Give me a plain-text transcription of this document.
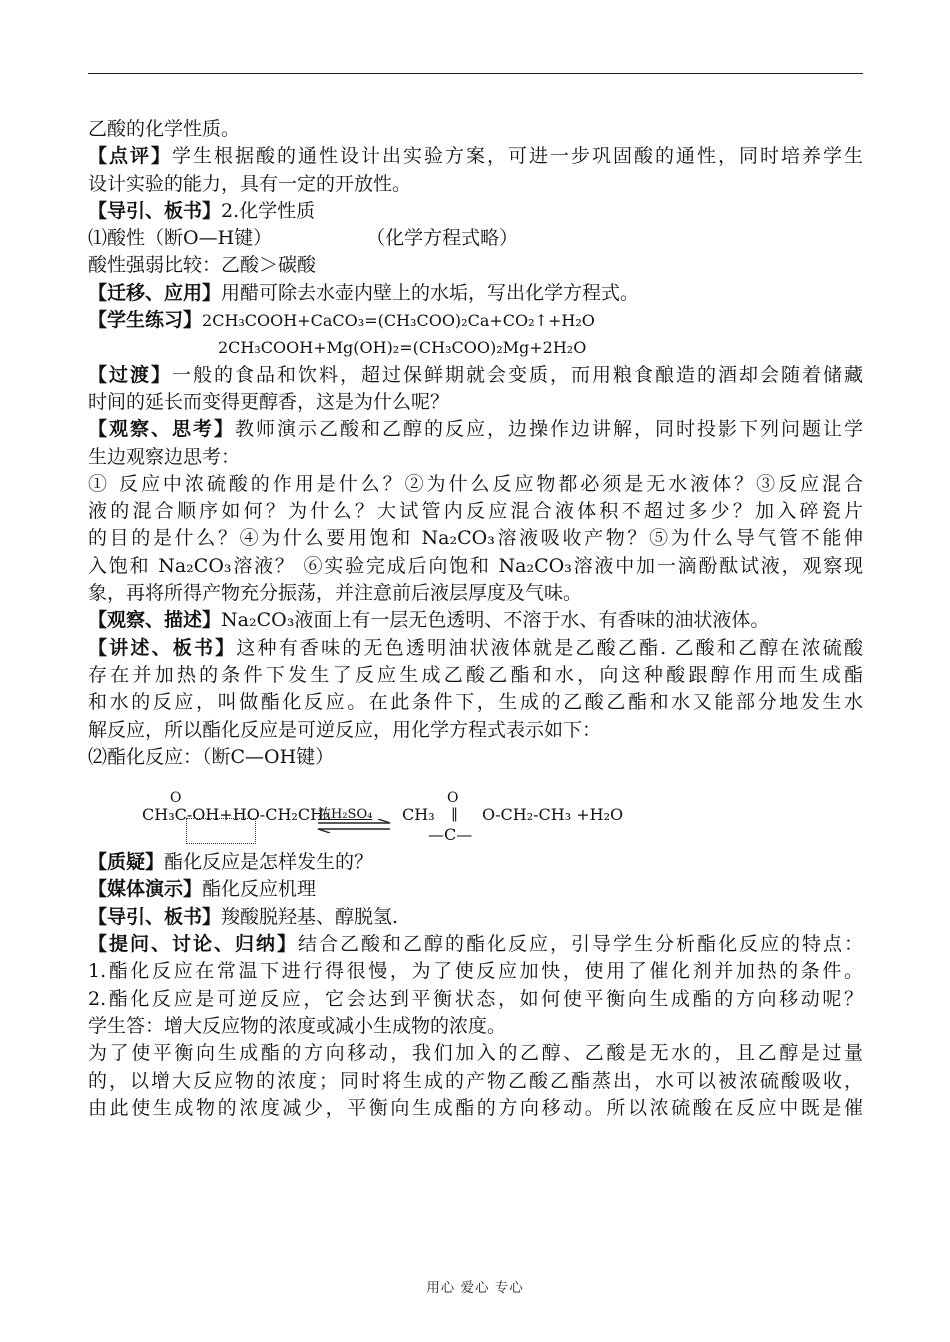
乙酸的化学性质。
【点评】学生根据酸的通性设计出实验方案，可进一步巩固酸的通性，同时培养学生
设计实验的能力，具有一定的开放性。
【导引、板书】2.化学性质
⑴酸性（断O—H键）	（化学方程式略）
酸性强弱比较：乙酸＞碳酸
【迁移、应用】用醋可除去水壶内壁上的水垢，写出化学方程式。
【学生练习】2CH₃COOH+CaCO₃=(CH₃COO)₂Ca+CO₂↑+H₂O
2CH₃COOH+Mg(OH)₂=(CH₃COO)₂Mg+2H₂O
【过渡】一般的食品和饮料，超过保鲜期就会变质，而用粮食酿造的酒却会随着储藏
时间的延长而变得更醇香，这是为什么呢？
【观察、思考】教师演示乙酸和乙醇的反应，边操作边讲解，同时投影下列问题让学
生边观察边思考：
① 反应中浓硫酸的作用是什么？②为什么反应物都必须是无水液体？③反应混合
液的混合顺序如何？为什么？大试管内反应混合液体积不超过多少？加入碎瓷片
的目的是什么？④为什么要用饱和 Na₂CO₃溶液吸收产物？⑤为什么导气管不能伸
入饱和 Na₂CO₃溶液？ ⑥实验完成后向饱和 Na₂CO₃溶液中加一滴酚酞试液，观察现
象，再将所得产物充分振荡，并注意前后液层厚度及气味。
【观察、描述】Na₂CO₃液面上有一层无色透明、不溶于水、有香味的油状液体。
【讲述、板书】这种有香味的无色透明油状液体就是乙酸乙酯. 乙酸和乙醇在浓硫酸
存在并加热的条件下发生了反应生成乙酸乙酯和水，向这种酸跟醇作用而生成酯
和水的反应，叫做酯化反应。在此条件下，生成的乙酸乙酯和水又能部分地发生水
解反应，所以酯化反应是可逆反应，用化学方程式表示如下：
⑵酯化反应：（断C—OH键）
O
CH₃C‑OH+HO‑CH₂CH₃
浓H₂SO₄ CH₃
O
‖
—C—
O‑CH₂‑CH₃ +H₂O
【质疑】酯化反应是怎样发生的？
【媒体演示】酯化反应机理
【导引、板书】羧酸脱羟基、醇脱氢.
【提问、讨论、归纳】结合乙酸和乙醇的酯化反应，引导学生分析酯化反应的特点：
1.酯化反应在常温下进行得很慢，为了使反应加快，使用了催化剂并加热的条件。
2.酯化反应是可逆反应，它会达到平衡状态，如何使平衡向生成酯的方向移动呢？
学生答：增大反应物的浓度或减小生成物的浓度。
为了使平衡向生成酯的方向移动，我们加入的乙醇、乙酸是无水的，且乙醇是过量
的，以增大反应物的浓度；同时将生成的产物乙酸乙酯蒸出，水可以被浓硫酸吸收，
由此使生成物的浓度减少，平衡向生成酯的方向移动。所以浓硫酸在反应中既是催
用心 爱心 专心
